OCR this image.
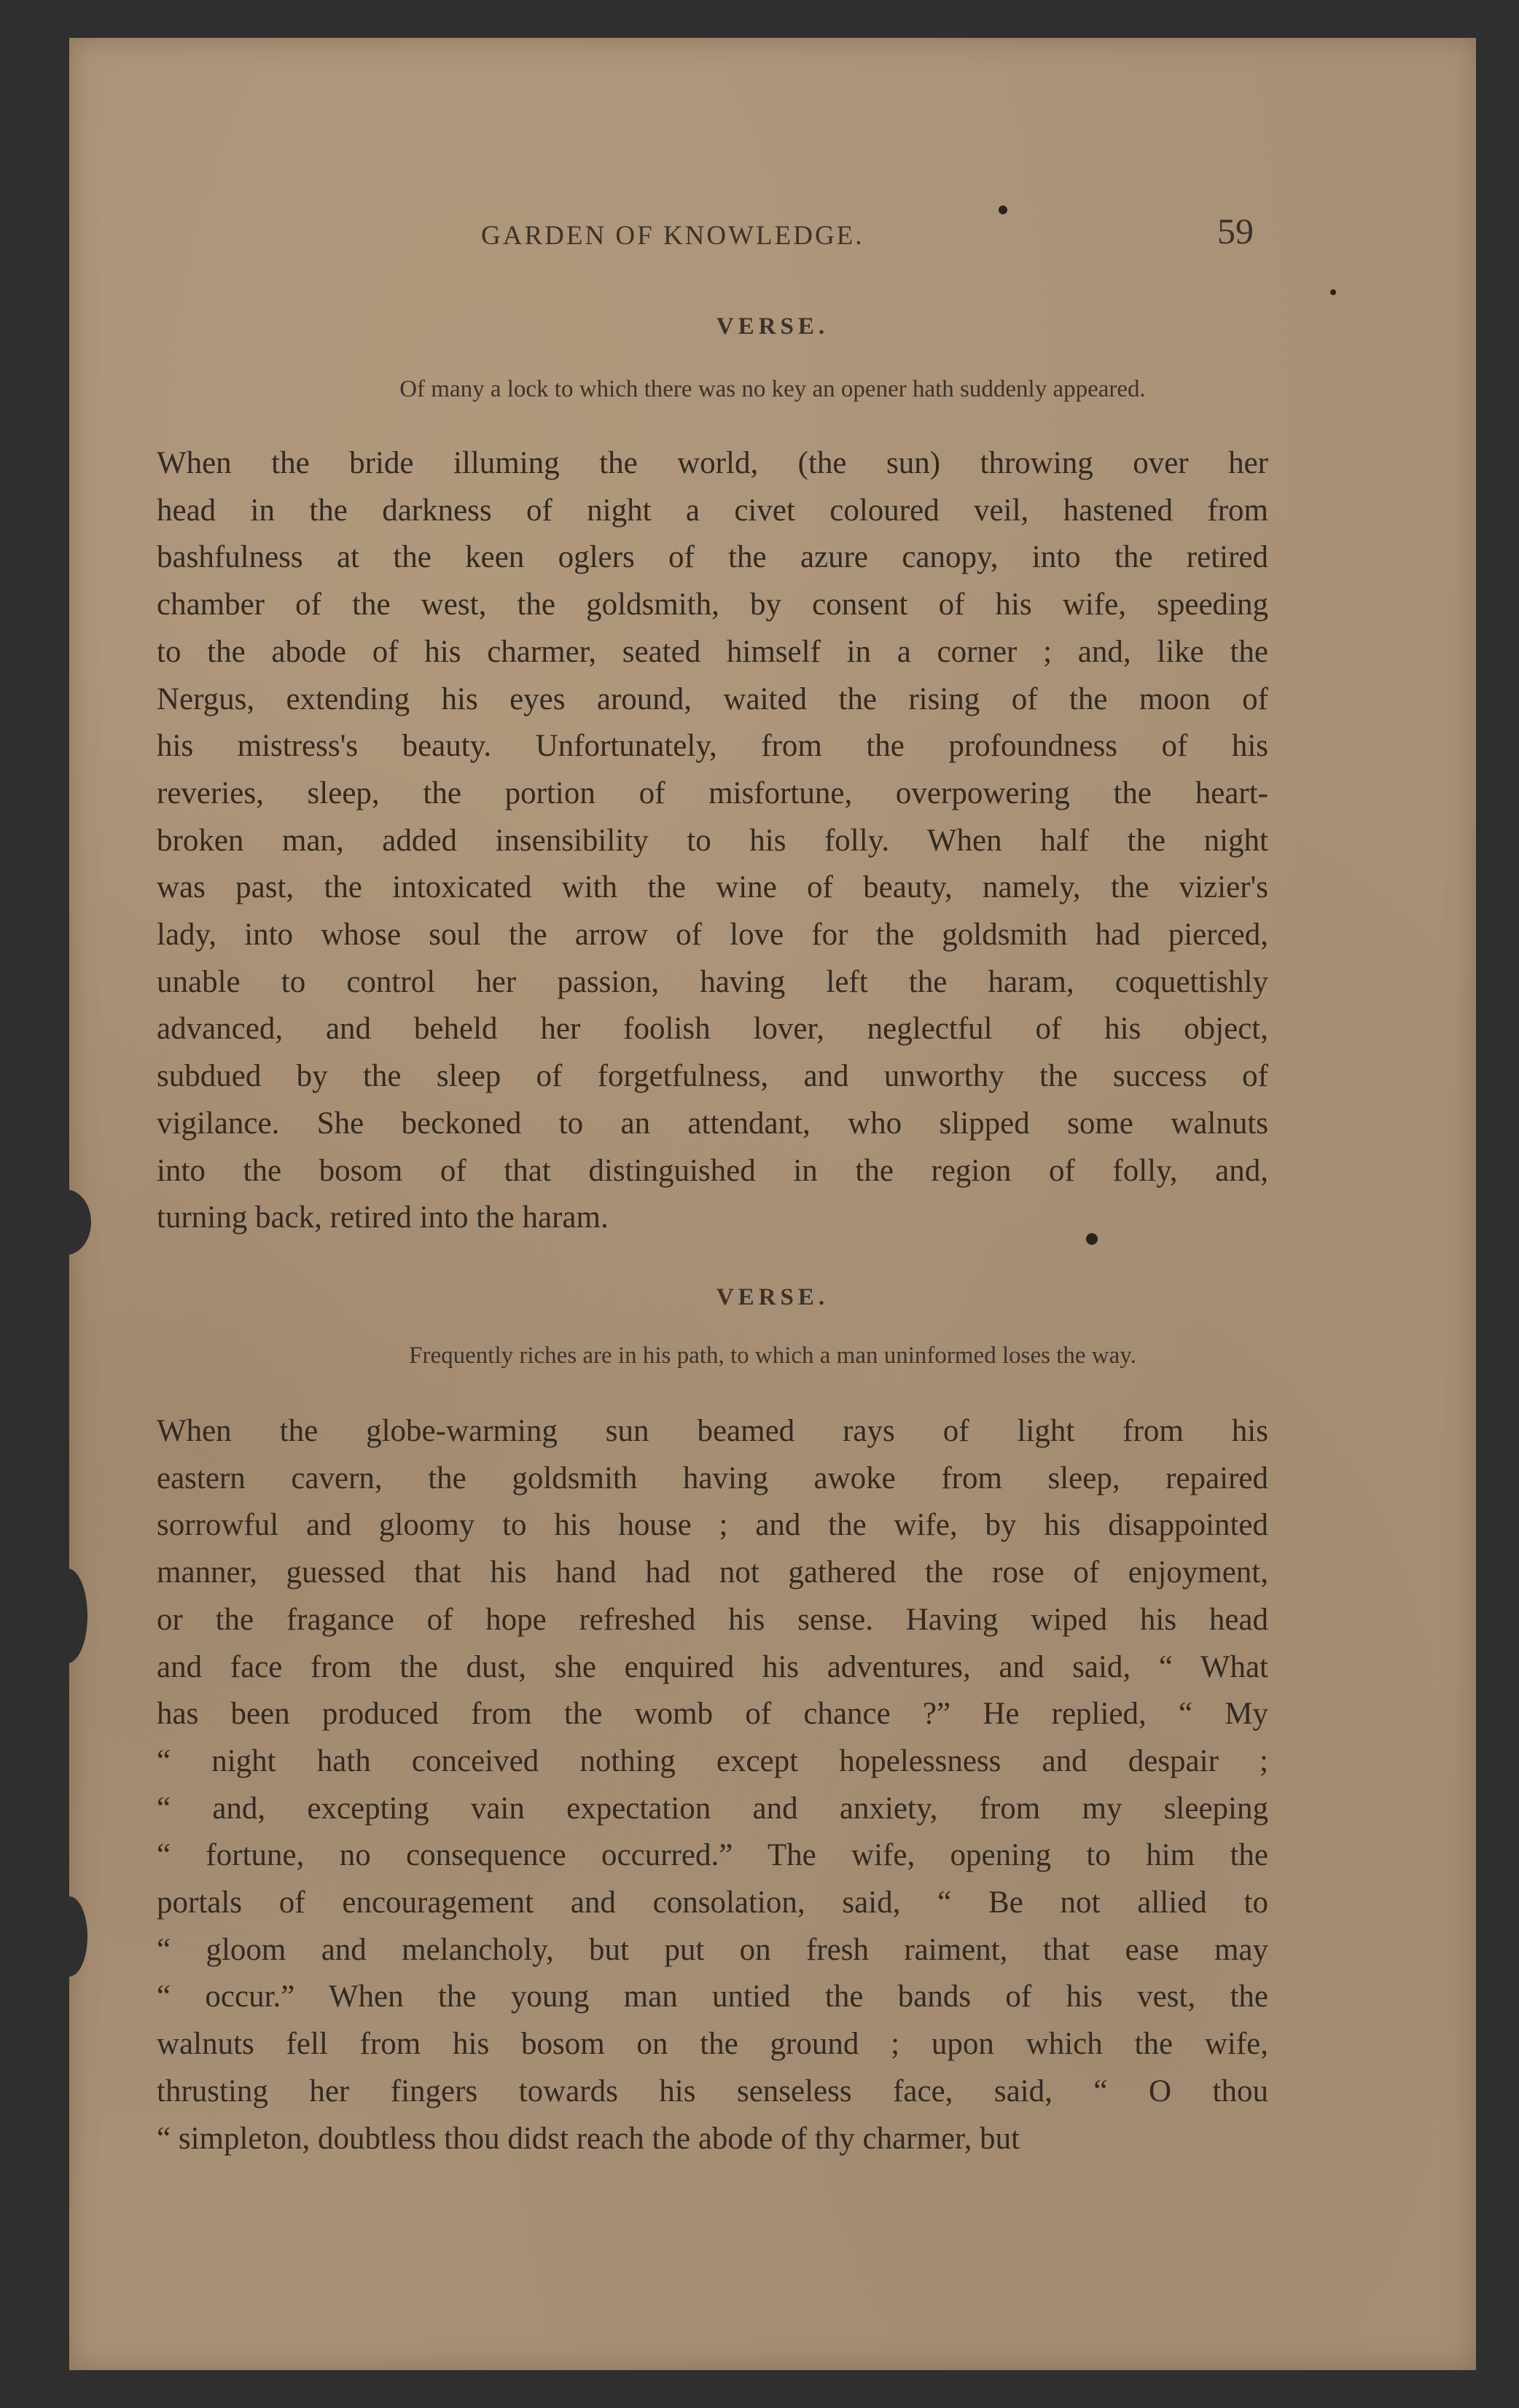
GARDEN OF KNOWLEDGE.	59
VERSE.
Of many a lock to which there was no key an opener hath suddenly appeared.
When the bride illuming the world, (the sun) throwing over her
head in the darkness of night a civet coloured veil, hastened from
bashfulness at the keen oglers of the azure canopy, into the retired
chamber of the west, the goldsmith, by consent of his wife, speeding
to the abode of his charmer, seated himself in a corner ; and, like the
Nergus, extending his eyes around, waited the rising of the moon of
his mistress's beauty. Unfortunately, from the profoundness of his
reveries, sleep, the portion of misfortune, overpowering the heart-
broken man, added insensibility to his folly. When half the night
was past, the intoxicated with the wine of beauty, namely, the vizier's
lady, into whose soul the arrow of love for the goldsmith had pierced,
unable to control her passion, having left the haram, coquettishly
advanced, and beheld her foolish lover, neglectful of his object,
subdued by the sleep of forgetfulness, and unworthy the success of
vigilance. She beckoned to an attendant, who slipped some walnuts
into the bosom of that distinguished in the region of folly, and,
turning back, retired into the haram.
VERSE.
Frequently riches are in his path, to which a man uninformed loses the way.
When the globe-warming sun beamed rays of light from his
eastern cavern, the goldsmith having awoke from sleep, repaired
sorrowful and gloomy to his house ; and the wife, by his disappointed
manner, guessed that his hand had not gathered the rose of enjoyment,
or the fragance of hope refreshed his sense. Having wiped his head
and face from the dust, she enquired his adventures, and said, “ What
has been produced from the womb of chance ?” He replied, “ My
“ night hath conceived nothing except hopelessness and despair ;
“ and, excepting vain expectation and anxiety, from my sleeping
“ fortune, no consequence occurred.” The wife, opening to him the
portals of encouragement and consolation, said, “ Be not allied to
“ gloom and melancholy, but put on fresh raiment, that ease may
“ occur.” When the young man untied the bands of his vest, the
walnuts fell from his bosom on the ground ; upon which the wife,
thrusting her fingers towards his senseless face, said, “ O thou
“ simpleton, doubtless thou didst reach the abode of thy charmer, but
